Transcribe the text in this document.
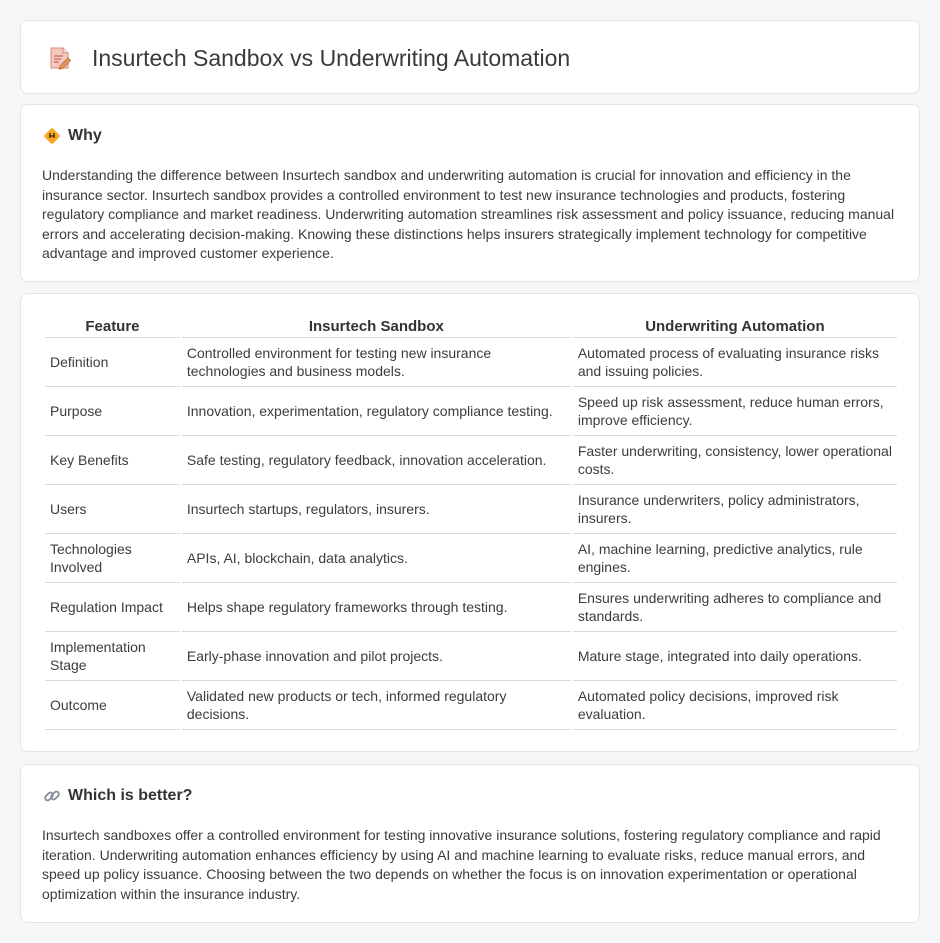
Insurtech Sandbox vs Underwriting Automation
Why

Understanding the difference between Insurtech sandbox and underwriting automation is crucial for innovation and efficiency in the insurance sector. Insurtech sandbox provides a controlled environment to test new insurance technologies and products, fostering regulatory compliance and market readiness. Underwriting automation streamlines risk assessment and policy issuance, reducing manual errors and accelerating decision-making. Knowing these distinctions helps insurers strategically implement technology for competitive advantage and improved customer experience.

Feature	Insurtech Sandbox	Underwriting Automation
Definition	Controlled environment for testing new insurance technologies and business models.	Automated process of evaluating insurance risks and issuing policies.
Purpose	Innovation, experimentation, regulatory compliance testing.	Speed up risk assessment, reduce human errors, improve efficiency.
Key Benefits	Safe testing, regulatory feedback, innovation acceleration.	Faster underwriting, consistency, lower operational costs.
Users	Insurtech startups, regulators, insurers.	Insurance underwriters, policy administrators, insurers.
Technologies Involved	APIs, AI, blockchain, data analytics.	AI, machine learning, predictive analytics, rule engines.
Regulation Impact	Helps shape regulatory frameworks through testing.	Ensures underwriting adheres to compliance and standards.
Implementation Stage	Early-phase innovation and pilot projects.	Mature stage, integrated into daily operations.
Outcome	Validated new products or tech, informed regulatory decisions.	Automated policy decisions, improved risk evaluation.
Which is better?

Insurtech sandboxes offer a controlled environment for testing innovative insurance solutions, fostering regulatory compliance and rapid iteration. Underwriting automation enhances efficiency by using AI and machine learning to evaluate risks, reduce manual errors, and speed up policy issuance. Choosing between the two depends on whether the focus is on innovation experimentation or operational optimization within the insurance industry.
